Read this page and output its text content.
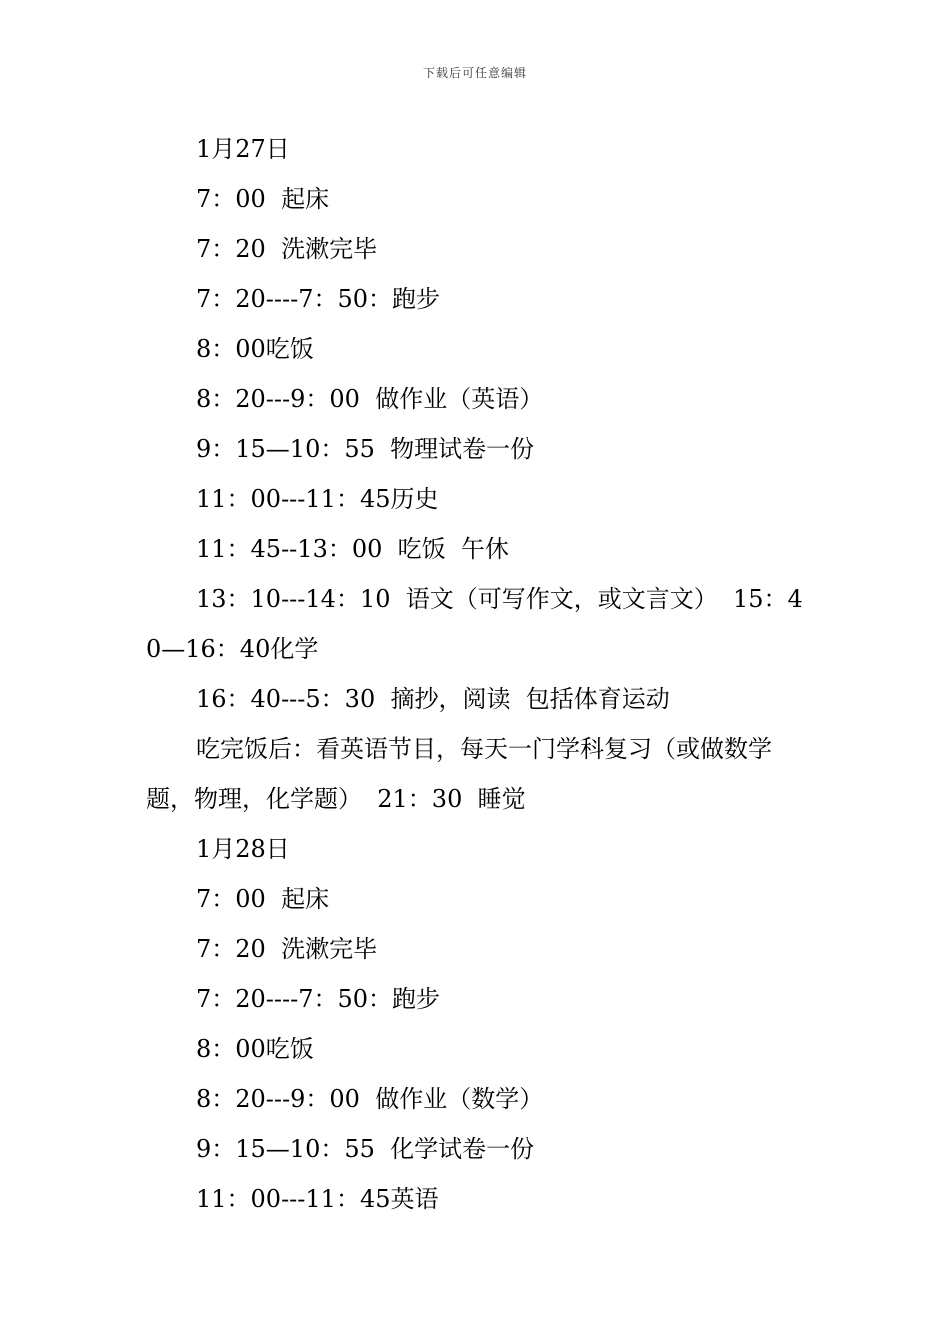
下载后可任意编辑

1月27日

7：00  起床

7：20  洗漱完毕

7：20----7：50：跑步

8：00吃饭

8：20---9：00  做作业（英语）

9：15—10：55  物理试卷一份

11：00---11：45历史

11：45--13：00  吃饭  午休

13：10---14：10  语文（可写作文，或文言文）  15：40—16：40化学

16：40---5：30  摘抄，阅读  包括体育运动

吃完饭后：看英语节目，每天一门学科复习（或做数学题，物理，化学题）  21：30  睡觉

1月28日

7：00  起床

7：20  洗漱完毕

7：20----7：50：跑步

8：00吃饭

8：20---9：00  做作业（数学）

9：15—10：55  化学试卷一份

11：00---11：45英语
